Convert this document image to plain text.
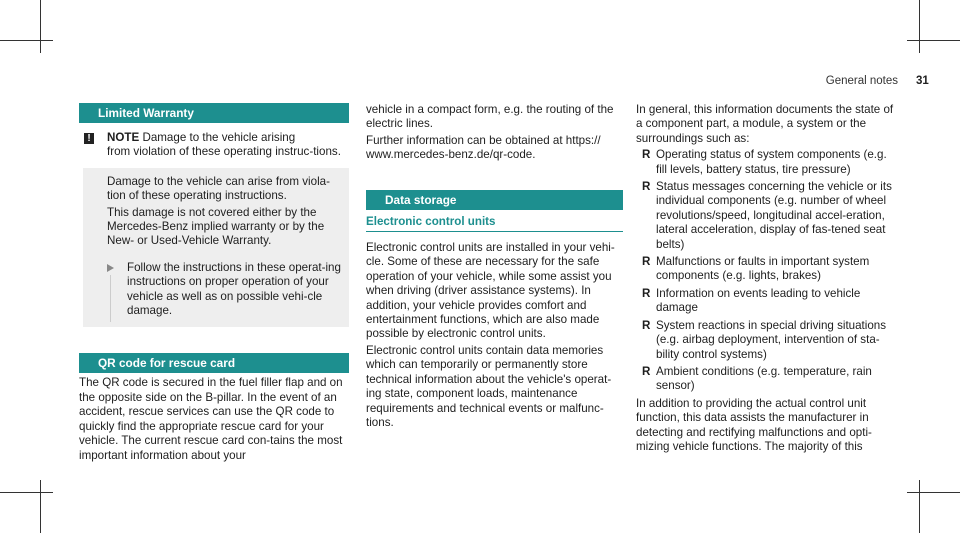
General notes 31
Limited Warranty
! NOTE Damage to the vehicle arising
from violation of these operating instruc-tions.

Damage to the vehicle can arise from viola-tion of these operating instructions.

This damage is not covered either by the Mercedes-Benz implied warranty or by the New- or Used-Vehicle Warranty.

Follow the instructions in these operat-ing instructions on proper operation of your vehicle as well as on possible vehi-cle damage.

QR code for rescue card

The QR code is secured in the fuel filler flap and on the opposite side on the B-pillar. In the event of an accident, rescue services can use the QR code to quickly find the appropriate rescue card for your vehicle. The current rescue card con-tains the most important information about your

vehicle in a compact form, e.g. the routing of the electric lines.

Further information can be obtained at https:// www.mercedes-benz.de/qr-code.

Data storage
Electronic control units

Electronic control units are installed in your vehi-cle. Some of these are necessary for the safe operation of your vehicle, while some assist you when driving (driver assistance systems). In addition, your vehicle provides comfort and entertainment functions, which are also made possible by electronic control units.

Electronic control units contain data memories which can temporarily or permanently store technical information about the vehicle's operat-ing state, component loads, maintenance requirements and technical events or malfunc-tions.

In general, this information documents the state of a component part, a module, a system or the surroundings such as:

R Operating status of system components (e.g. fill levels, battery status, tire pressure)
R Status messages concerning the vehicle or its individual components (e.g. number of wheel revolutions/speed, longitudinal accel-eration, lateral acceleration, display of fas-tened seat belts)
R Malfunctions or faults in important system components (e.g. lights, brakes)
R Information on events leading to vehicle damage
R System reactions in special driving situations (e.g. airbag deployment, intervention of sta-bility control systems)
R Ambient conditions (e.g. temperature, rain sensor)

In addition to providing the actual control unit function, this data assists the manufacturer in detecting and rectifying malfunctions and opti-mizing vehicle functions. The majority of this
